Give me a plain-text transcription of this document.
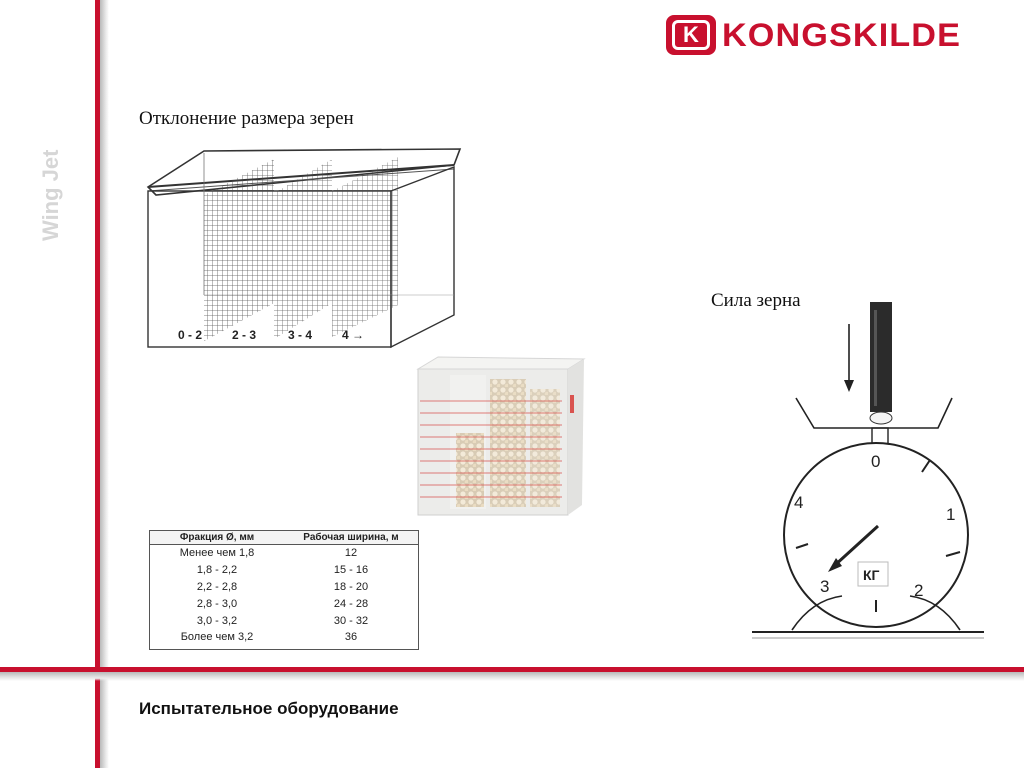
Wing Jet
K KONGSKILDE
Отклонение размера зерен
Сила зерна
0 - 2 2 - 3	3 - 4 4 →
0
1
2
3
4
КГ
Фракция Ø, мм	Рабочая ширина, м
Менее чем 1,8	12
1,8 - 2,2	15 - 16
2,2 - 2,8	18 - 20
2,8 - 3,0	24 - 28
3,0 - 3,2	30 - 32
Более чем 3,2	36
Испытательное оборудование
